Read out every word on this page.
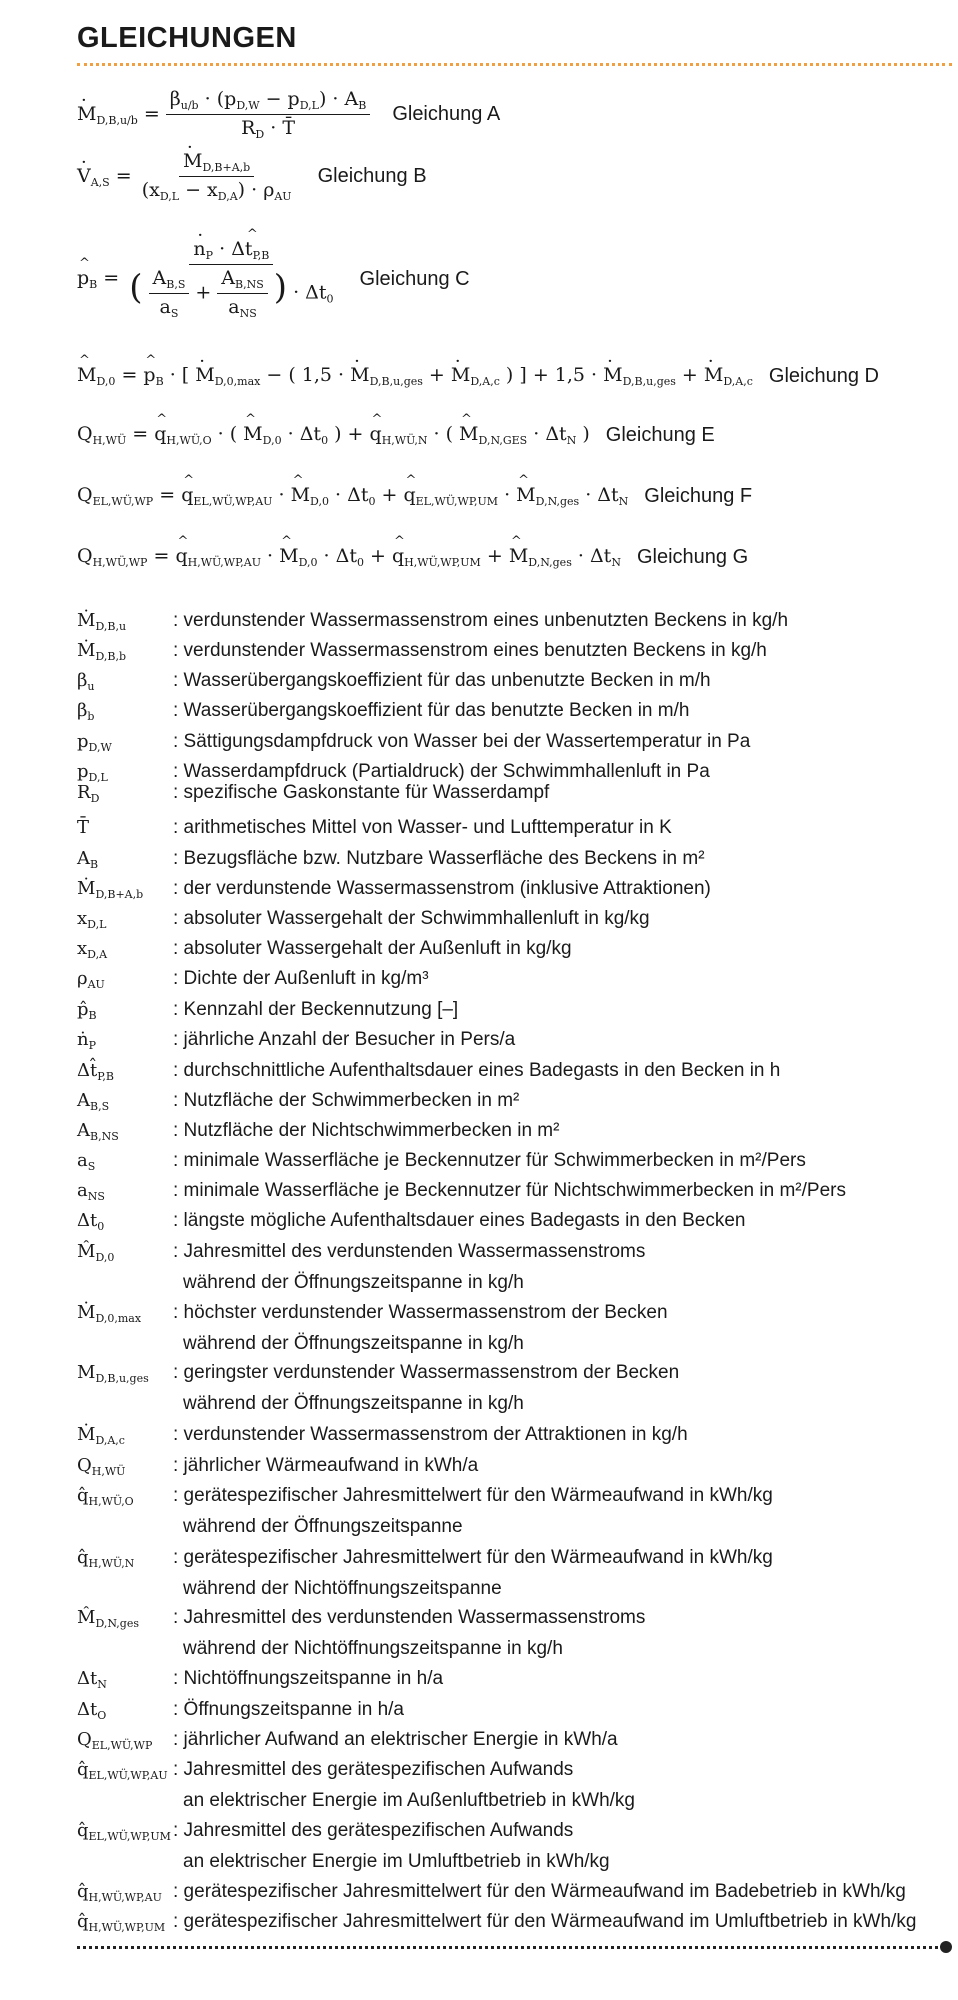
GLEICHUNGEN
· $M_{D,B,u/b} = \frac{\beta_{u/b} \cdot (p_{D,W} - p_{D,L}) \cdot A_B}{R_D \cdot T̄}$ Gleichung A
· $V_{A,S}$ = · $\frac{M_{D,B+A,b}}{(x_{D,L} - x_{D,A}) \cdot \rho_{AU}}$ Gleichung B
^ $p_B$ = · $\frac{n_P \cdot \Delta\^{} t_{P,B}}{( \frac{A_{B,S}}{a_S} + \frac{A_{B,NS}}{a_{NS}} ) \cdot \Delta t_0}$ Gleichung C
^ $M_{D,0}$ = ^ $p_B$ · [ · $M_{D,0,max}$ − ( 1,5 · · $M_{D,B,u,ges}$ + · $M_{D,A,c}$ ) ] + 1,5 · · $M_{D,B,u,ges}$ + · $M_{D,A,c}$ Gleichung D
$Q_{H,WÜ}$ = ^ $q_{H,WÜ,O}$ · ( ^ $M_{D,0} \cdot \Delta t_0$ ) + ^ $q_{H,WÜ,N}$ · ( ^ $M_{D,N,GES} \cdot \Delta t_N$ ) Gleichung E
$Q_{EL,WÜ,WP}$ = ^ $q_{EL,WÜ,WP,AU}$ · ^ $M_{D,0} \cdot \Delta t_0$ + ^ $q_{EL,WÜ,WP,UM}$ · ^ $M_{D,N,ges} \cdot \Delta t_N$ Gleichung F
$Q_{H,WÜ,WP}$ = ^ $q_{H,WÜ,WP,AU}$ · ^ $M_{D,0} \cdot \Delta t_0$ + ^ $q_{H,WÜ,WP,UM}$ + ^ $M_{D,N,ges} \cdot \Delta t_N$ Gleichung G
Ṁ$_{D,B,u}$	: verdunstender Wassermassenstrom eines unbenutzten Beckens in kg/h
Ṁ$_{D,B,b}$	: verdunstender Wassermassenstrom eines benutzten Beckens in kg/h
$\beta_u$	: Wasserübergangskoeffizient für das unbenutzte Becken in m/h
$\beta_b$	: Wasserübergangskoeffizient für das benutzte Becken in m/h
$p_{D,W}$	: Sättigungsdampfdruck von Wasser bei der Wassertemperatur in Pa
$p_{D,L}$	: Wasserdampfdruck (Partialdruck) der Schwimmhallenluft in Pa
$R_D$	: spezifische Gaskonstante für Wasserdampf
T̄	: arithmetisches Mittel von Wasser- und Lufttemperatur in K
$A_B$	: Bezugsfläche bzw. Nutzbare Wasserfläche des Beckens in m²
Ṁ$_{D,B+A,b}$	: der verdunstende Wassermassenstrom (inklusive Attraktionen)
$x_{D,L}$	: absoluter Wassergehalt der Schwimmhallenluft in kg/kg
$x_{D,A}$	: absoluter Wassergehalt der Außenluft in kg/kg
$\rho_{AU}$	: Dichte der Außenluft in kg/m³
$p̂_B$	: Kennzahl der Beckennutzung [–]
ṅ$_P$	: jährliche Anzahl der Besucher in Pers/a
$\Delta t̂_{P,B}$	: durchschnittliche Aufenthaltsdauer eines Badegasts in den Becken in h
$A_{B,S}$	: Nutzfläche der Schwimmerbecken in m²
$A_{B,NS}$	: Nutzfläche der Nichtschwimmerbecken in m²
$a_S$	: minimale Wasserfläche je Beckennutzer für Schwimmerbecken in m²/Pers
$a_{NS}$	: minimale Wasserfläche je Beckennutzer für Nichtschwimmerbecken in m²/Pers
$\Delta t_0$	: längste mögliche Aufenthaltsdauer eines Badegasts in den Becken
$M̂_{D,0}$	: Jahresmittel des verdunstenden Wassermassenstroms
während der Öffnungszeitspanne in kg/h
Ṁ$_{D,0,max}$	: höchster verdunstender Wassermassenstrom der Becken
während der Öffnungszeitspanne in kg/h
$M_{D,B,u,ges}$	: geringster verdunstender Wassermassenstrom der Becken
während der Öffnungszeitspanne in kg/h
Ṁ$_{D,A,c}$	: verdunstender Wassermassenstrom der Attraktionen in kg/h
$Q_{H,WÜ}$	: jährlicher Wärmeaufwand in kWh/a
$q̂_{H,WÜ,O}$	: gerätespezifischer Jahresmittelwert für den Wärmeaufwand in kWh/kg
während der Öffnungszeitspanne
$q̂_{H,WÜ,N}$	: gerätespezifischer Jahresmittelwert für den Wärmeaufwand in kWh/kg
während der Nichtöffnungszeitspanne
$M̂_{D,N,ges}$	: Jahresmittel des verdunstenden Wassermassenstroms
während der Nichtöffnungszeitspanne in kg/h
$\Delta t_N$	: Nichtöffnungszeitspanne in h/a
$\Delta t_O$	: Öffnungszeitspanne in h/a
$Q_{EL,WÜ,WP}$	: jährlicher Aufwand an elektrischer Energie in kWh/a
$q̂_{EL,WÜ,WP,AU}$ : Jahresmittel des gerätespezifischen Aufwands
an elektrischer Energie im Außenluftbetrieb in kWh/kg
$q̂_{EL,WÜ,WP,UM}$ : Jahresmittel des gerätespezifischen Aufwands
an elektrischer Energie im Umluftbetrieb in kWh/kg
$q̂_{H,WÜ,WP,AU}$ : gerätespezifischer Jahresmittelwert für den Wärmeaufwand im Badebetrieb in kWh/kg
$q̂_{H,WÜ,WP,UM}$ : gerätespezifischer Jahresmittelwert für den Wärmeaufwand im Umluftbetrieb in kWh/kg
